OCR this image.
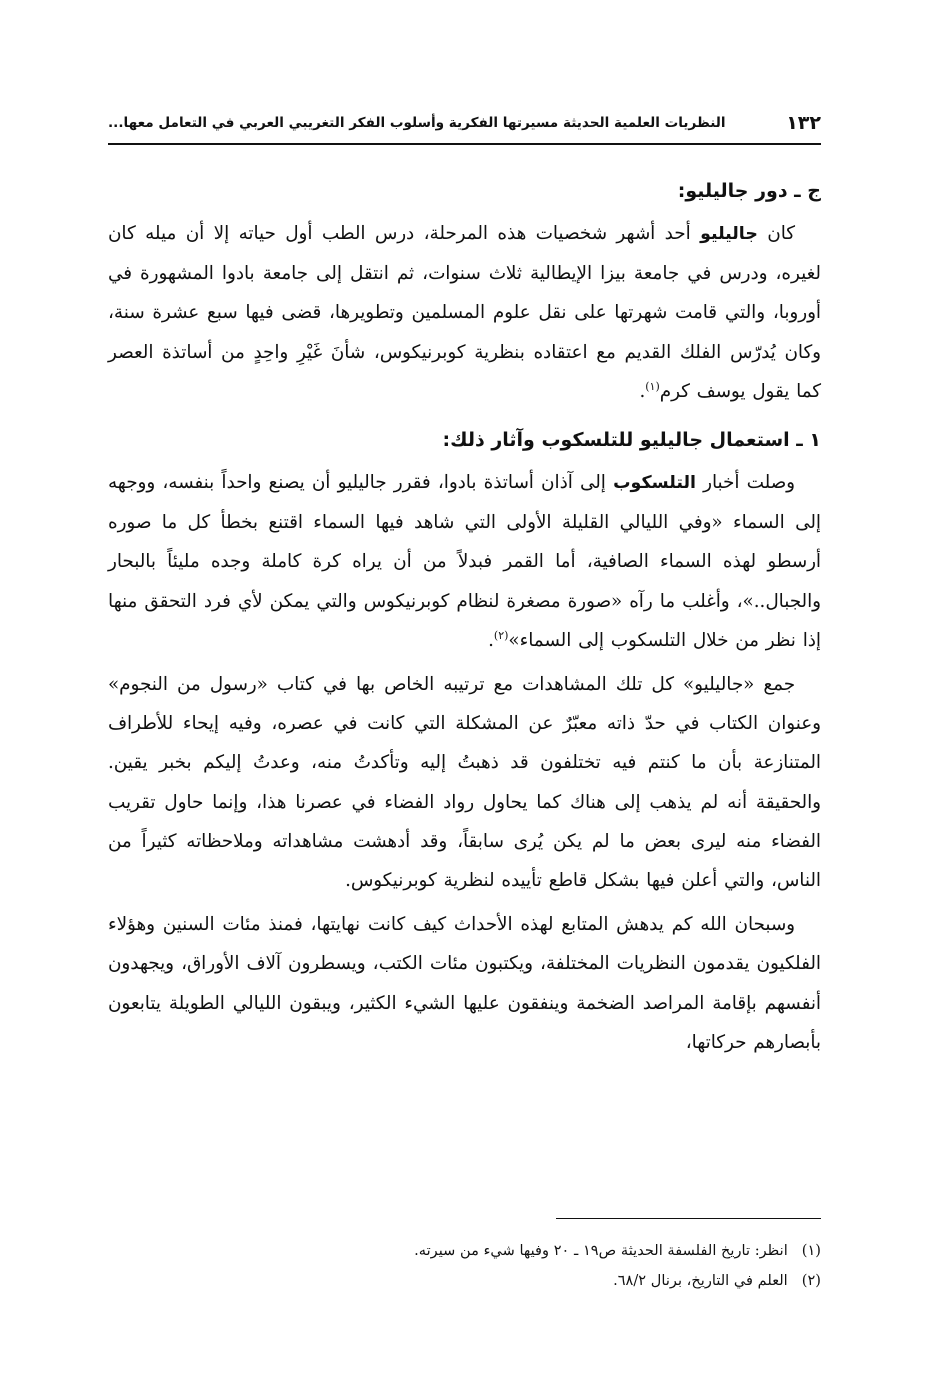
١٣٢
النظريات العلمية الحديثة مسيرتها الفكرية وأسلوب الفكر التغريبي العربي في التعامل معها...
ج ـ دور جاليليو:

كان جاليليو أحد أشهر شخصيات هذه المرحلة، درس الطب أول حياته إلا أن ميله كان لغيره، ودرس في جامعة بيزا الإيطالية ثلاث سنوات، ثم انتقل إلى جامعة بادوا المشهورة في أوروبا، والتي قامت شهرتها على نقل علوم المسلمين وتطويرها، قضى فيها سبع عشرة سنة، وكان يُدرّس الفلك القديم مع اعتقاده بنظرية كوبرنيكوس، شأنَ غَيْرِ واحِدٍ من أساتذة العصر كما يقول يوسف كرم$^{(١)}$.

١ ـ استعمال جاليليو للتلسكوب وآثار ذلك:

وصلت أخبار التلسكوب إلى آذان أساتذة بادوا، فقرر جاليليو أن يصنع واحداً بنفسه، ووجهه إلى السماء «وفي الليالي القليلة الأولى التي شاهد فيها السماء اقتنع بخطأ كل ما صوره أرسطو لهذه السماء الصافية، أما القمر فبدلاً من أن يراه كرة كاملة وجده مليئاً بالبحار والجبال..»، وأغلب ما رآه «صورة مصغرة لنظام كوبرنيكوس والتي يمكن لأي فرد التحقق منها إذا نظر من خلال التلسكوب إلى السماء»$^{(٢)}$.

جمع «جاليليو» كل تلك المشاهدات مع ترتيبه الخاص بها في كتاب «رسول من النجوم» وعنوان الكتاب في حدّ ذاته معبّرٌ عن المشكلة التي كانت في عصره، وفيه إيحاء للأطراف المتنازعة بأن ما كنتم فيه تختلفون قد ذهبتُ إليه وتأكدتُ منه، وعدتُ إليكم بخبر يقين. والحقيقة أنه لم يذهب إلى هناك كما يحاول رواد الفضاء في عصرنا هذا، وإنما حاول تقريب الفضاء منه ليرى بعض ما لم يكن يُرى سابقاً، وقد أدهشت مشاهداته وملاحظاته كثيراً من الناس، والتي أعلن فيها بشكل قاطع تأييده لنظرية كوبرنيكوس.

وسبحان الله كم يدهش المتابع لهذه الأحداث كيف كانت نهايتها، فمنذ مئات السنين وهؤلاء الفلكيون يقدمون النظريات المختلفة، ويكتبون مئات الكتب، ويسطرون آلاف الأوراق، ويجهدون أنفسهم بإقامة المراصد الضخمة وينفقون عليها الشيء الكثير، ويبقون الليالي الطويلة يتابعون بأبصارهم حركاتها،

(١)انظر: تاريخ الفلسفة الحديثة ص١٩ ـ ٢٠ وفيها شيء من سيرته.

(٢)العلم في التاريخ، برنال ٦٨/٢.
